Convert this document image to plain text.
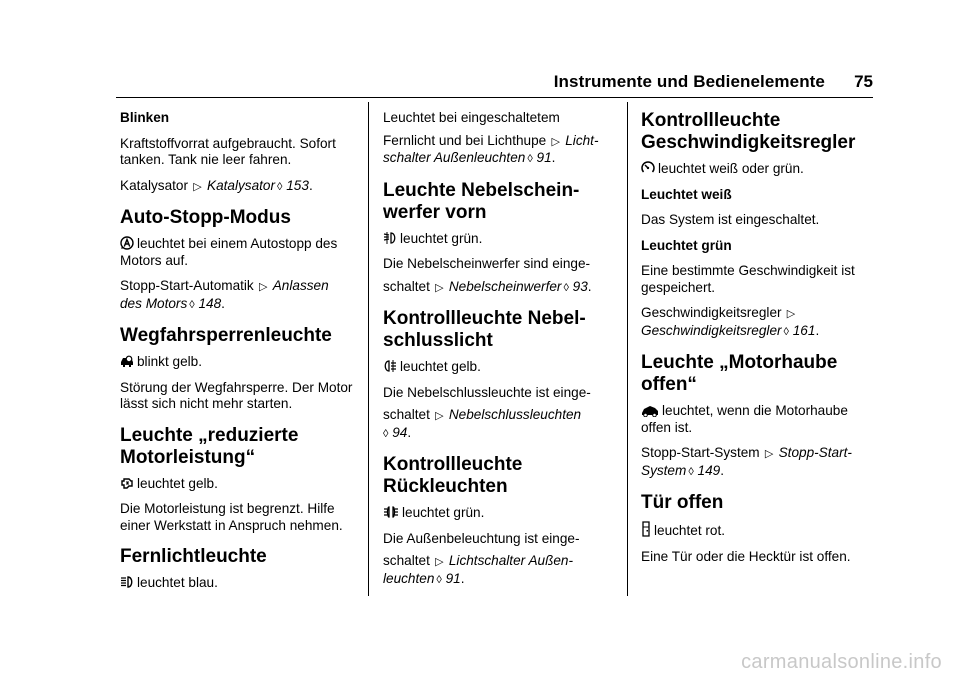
Instrumente und Bedienelemente 75

Blinken

Kraftstoffvorrat aufgebraucht. Sofort tanken. Tank nie leer fahren.

Katalysator ▷ Katalysator ◊ 153.

Auto-Stopp-Modus

leuchtet bei einem Autostopp des Motors auf.

Stopp-Start-Automatik ▷ Anlassen
des Motors ◊ 148.

Wegfahrsperrenleuchte

blinkt gelb.

Störung der Wegfahrsperre. Der Motor lässt sich nicht mehr starten.

Leuchte „reduzierte
Motorleistung“

leuchtet gelb.

Die Motorleistung ist begrenzt. Hilfe einer Werkstatt in Anspruch nehmen.

Fernlichtleuchte

leuchtet blau.

Leuchtet bei eingeschaltetem

Fernlicht und bei Lichthupe ▷ Licht-
schalter Außenleuchten ◊ 91.

Leuchte Nebelschein-
werfer vorn

leuchtet grün.

Die Nebelscheinwerfer sind einge-

schaltet ▷ Nebelscheinwerfer ◊ 93.

Kontrollleuchte Nebel-
schlusslicht

leuchtet gelb.

Die Nebelschlussleuchte ist einge-

schaltet ▷ Nebelschlussleuchten
◊ 94.

Kontrollleuchte
Rückleuchten

leuchtet grün.

Die Außenbeleuchtung ist einge-

schaltet ▷ Lichtschalter Außen-
leuchten ◊ 91.

Kontrollleuchte
Geschwindigkeitsregler

leuchtet weiß oder grün.

Leuchtet weiß

Das System ist eingeschaltet.

Leuchtet grün

Eine bestimmte Geschwindigkeit ist gespeichert.

Geschwindigkeitsregler ▷
Geschwindigkeitsregler ◊ 161.

Leuchte „Motorhaube
offen“

leuchtet, wenn die Motorhaube offen ist.

Stopp-Start-System ▷ Stopp-Start-
System ◊ 149.

Tür offen

leuchtet rot.

Eine Tür oder die Hecktür ist offen.

carmanualsonline.info
